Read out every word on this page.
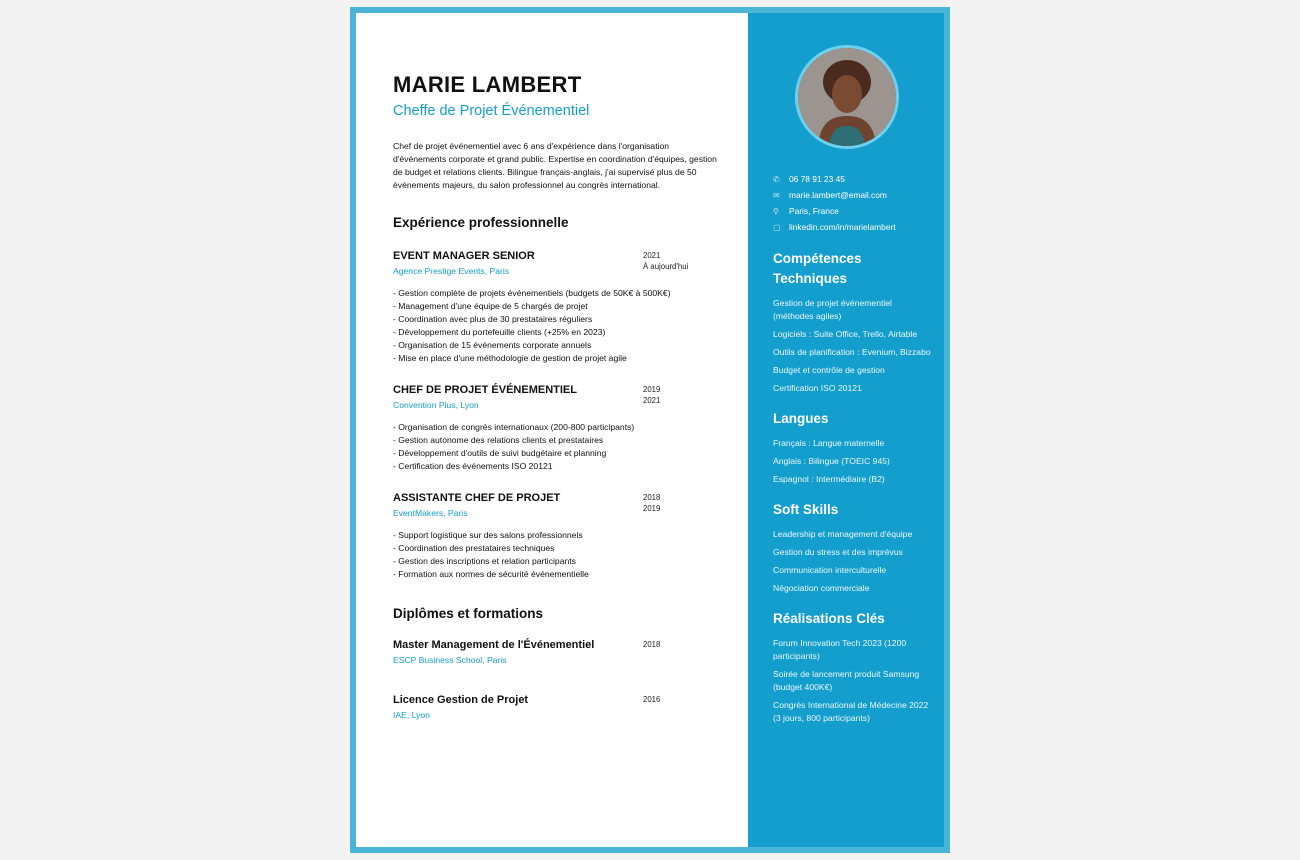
MARIE LAMBERT
Cheffe de Projet Événementiel

Chef de projet événementiel avec 6 ans d'expérience dans l'organisation d'événements corporate et grand public. Expertise en coordination d'équipes, gestion de budget et relations clients. Bilingue français-anglais, j'ai supervisé plus de 50 événements majeurs, du salon professionnel au congrès international.

Expérience professionnelle
EVENT MANAGER SENIOR
Agence Prestige Events, Paris
2021
À aujourd'hui
- Gestion complète de projets événementiels (budgets de 50K€ à 500K€)
- Management d'une équipe de 5 chargés de projet
- Coordination avec plus de 30 prestataires réguliers
- Développement du portefeuille clients (+25% en 2023)
- Organisation de 15 événements corporate annuels
- Mise en place d'une méthodologie de gestion de projet agile
CHEF DE PROJET ÉVÉNEMENTIEL
Convention Plus, Lyon
2019
2021
- Organisation de congrès internationaux (200-800 participants)
- Gestion autonome des relations clients et prestataires
- Développement d'outils de suivi budgétaire et planning
- Certification des événements ISO 20121
ASSISTANTE CHEF DE PROJET
EventMakers, Paris
2018
2019
- Support logistique sur des salons professionnels
- Coordination des prestataires techniques
- Gestion des inscriptions et relation participants
- Formation aux normes de sécurité événementielle
Diplômes et formations
Master Management de l'Événementiel
ESCP Business School, Paris
2018
Licence Gestion de Projet
IAE, Lyon
2016
✆	06 78 91 23 45
✉	marie.lambert@email.com
⚲	Paris, France
▢	linkedin.com/in/marielambert
Compétences Techniques
Gestion de projet événementiel (méthodes agiles)
Logiciels : Suite Office, Trello, Airtable
Outils de planification : Evenium, Bizzabo
Budget et contrôle de gestion
Certification ISO 20121
Langues
Français : Langue maternelle
Anglais : Bilingue (TOEIC 945)
Espagnol : Intermédiaire (B2)
Soft Skills
Leadership et management d'équipe
Gestion du stress et des imprévus
Communication interculturelle
Négociation commerciale
Réalisations Clés
Forum Innovation Tech 2023 (1200 participants)
Soirée de lancement produit Samsung (budget 400K€)
Congrès International de Médecine 2022 (3 jours, 800 participants)
